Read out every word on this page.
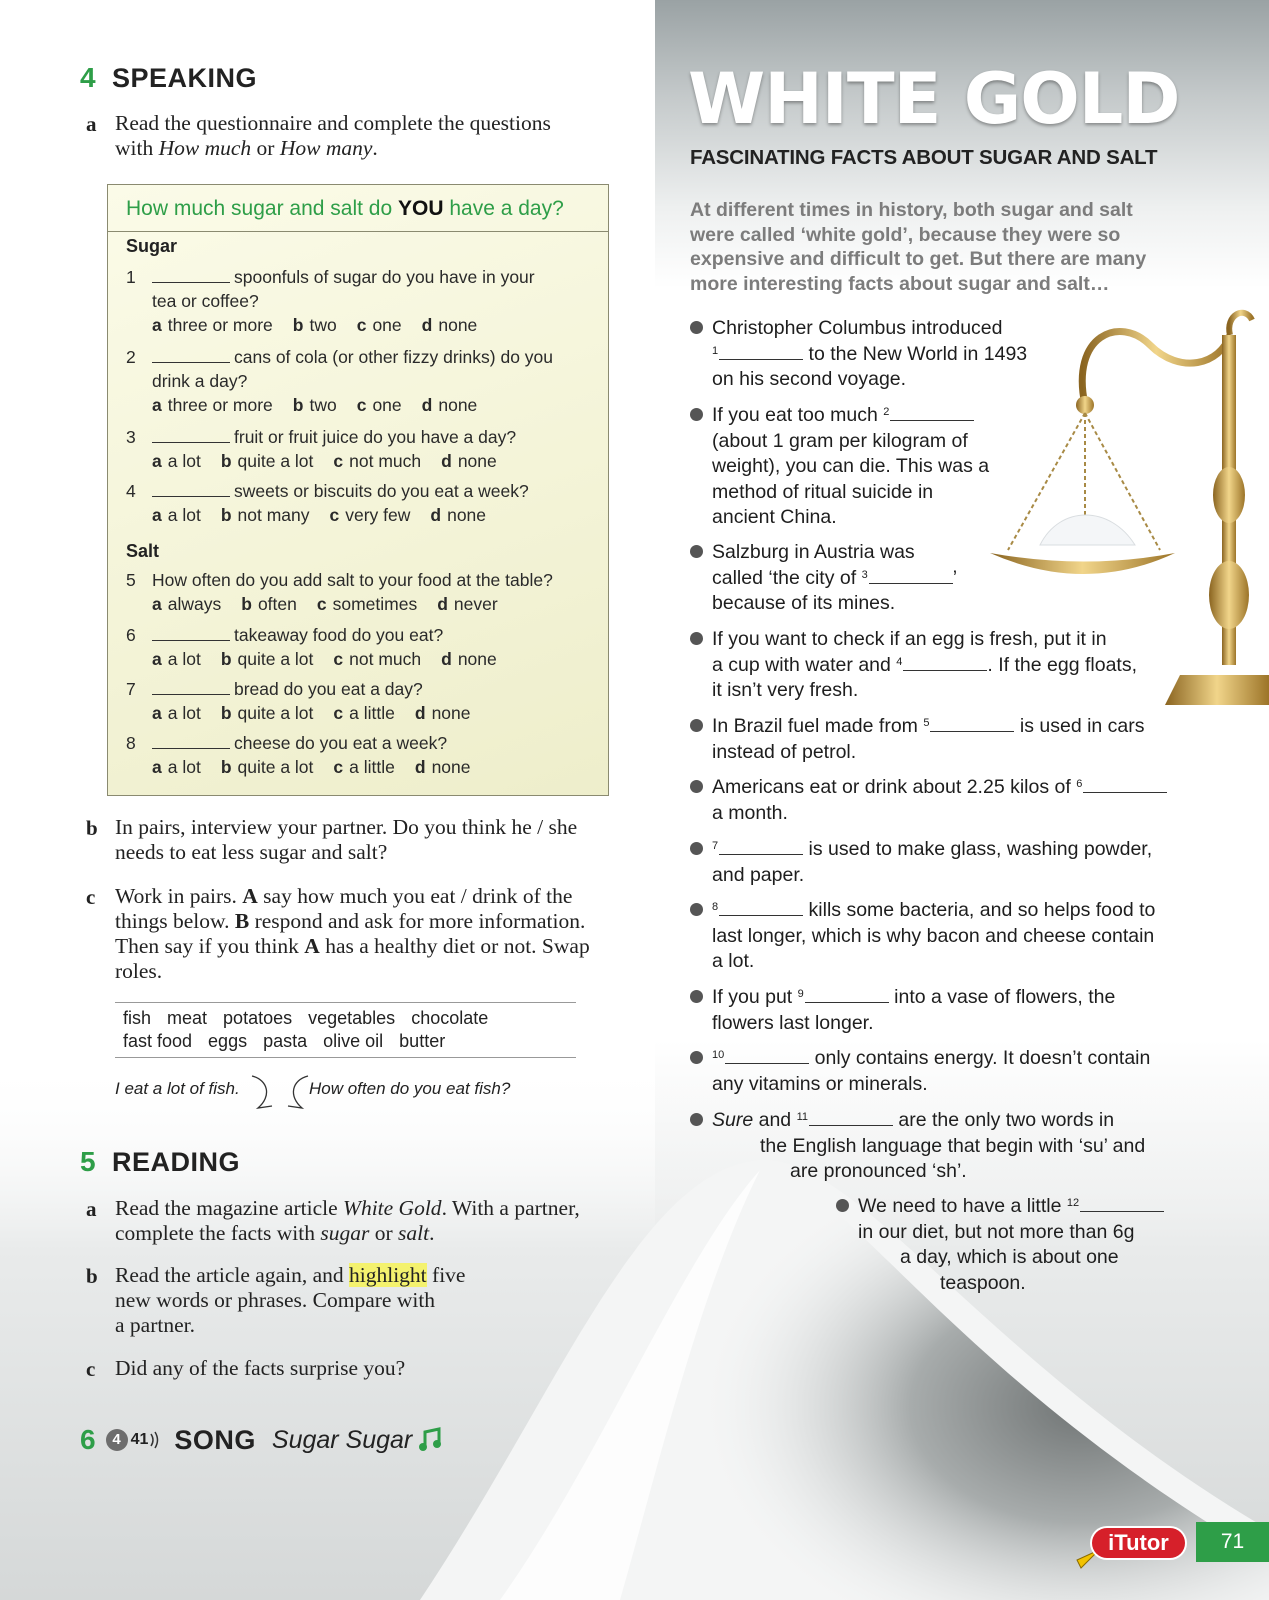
4 SPEAKING
a Read the questionnaire and complete the questions
with How much or How many.
How much sugar and salt do YOU have a day?
Sugar
Salt
1	spoonfuls of sugar do you have in your
tea or coffee?
a three or more b two c one d none
2	cans of cola (or other fizzy drinks) do you
drink a day?
a three or more b two c one d none
3	fruit or fruit juice do you have a day?
a a lot b quite a lot c not much d none
4	sweets or biscuits do you eat a week?
a a lot b not many c very few d none
5 How often do you add salt to your food at the table?
a always b often c sometimes d never
6	takeaway food do you eat?
a a lot b quite a lot c not much d none
7	bread do you eat a day?
a a lot b quite a lot c a little d none
8	cheese do you eat a week?
a a lot b quite a lot c a little d none
b In pairs, interview your partner. Do you think he / she
needs to eat less sugar and salt?
c Work in pairs. A say how much you eat / drink of the
things below. B respond and ask for more information.
Then say if you think A has a healthy diet or not. Swap
roles.
fish meat potatoes vegetables chocolate
fast food eggs pasta olive oil butter
I eat a lot of fish.	How often do you eat fish?
5 READING
a Read the magazine article White Gold. With a partner,
complete the facts with sugar or salt.
b Read the article again, and highlight five
new words or phrases. Compare with
a partner.
c Did any of the facts surprise you?
6	4 41 SONG Sugar Sugar
WHITE GOLD
FASCINATING FACTS ABOUT SUGAR AND SALT
At different times in history, both sugar and salt
were called ‘white gold’, because they were so
expensive and difficult to get. But there are many
more interesting facts about sugar and salt…
Christopher Columbus introduced
$^1$	to the New World in 1493
on his second voyage.
If you eat too much $^2$
(about 1 gram per kilogram of
weight), you can die. This was a
method of ritual suicide in
ancient China.
Salzburg in Austria was
called ‘the city of $^3$	’
because of its mines.
If you want to check if an egg is fresh, put it in
a cup with water and $^4$	. If the egg floats,
it isn’t very fresh.
In Brazil fuel made from $^5$	is used in cars
instead of petrol.
Americans eat or drink about 2.25 kilos of $^6$
a month.
$^7$	is used to make glass, washing powder,
and paper.
$^8$	kills some bacteria, and so helps food to
last longer, which is why bacon and cheese contain
a lot.
If you put $^9$	into a vase of flowers, the
flowers last longer.
$^{10}$	only contains energy. It doesn’t contain
any vitamins or minerals.
Sure and $^{11}$	are the only two words in
the English language that begin with ‘su’ and
are pronounced ‘sh’.
We need to have a little $^{12}$
in our diet, but not more than 6g
a day, which is about one
teaspoon.
iTutor	71
